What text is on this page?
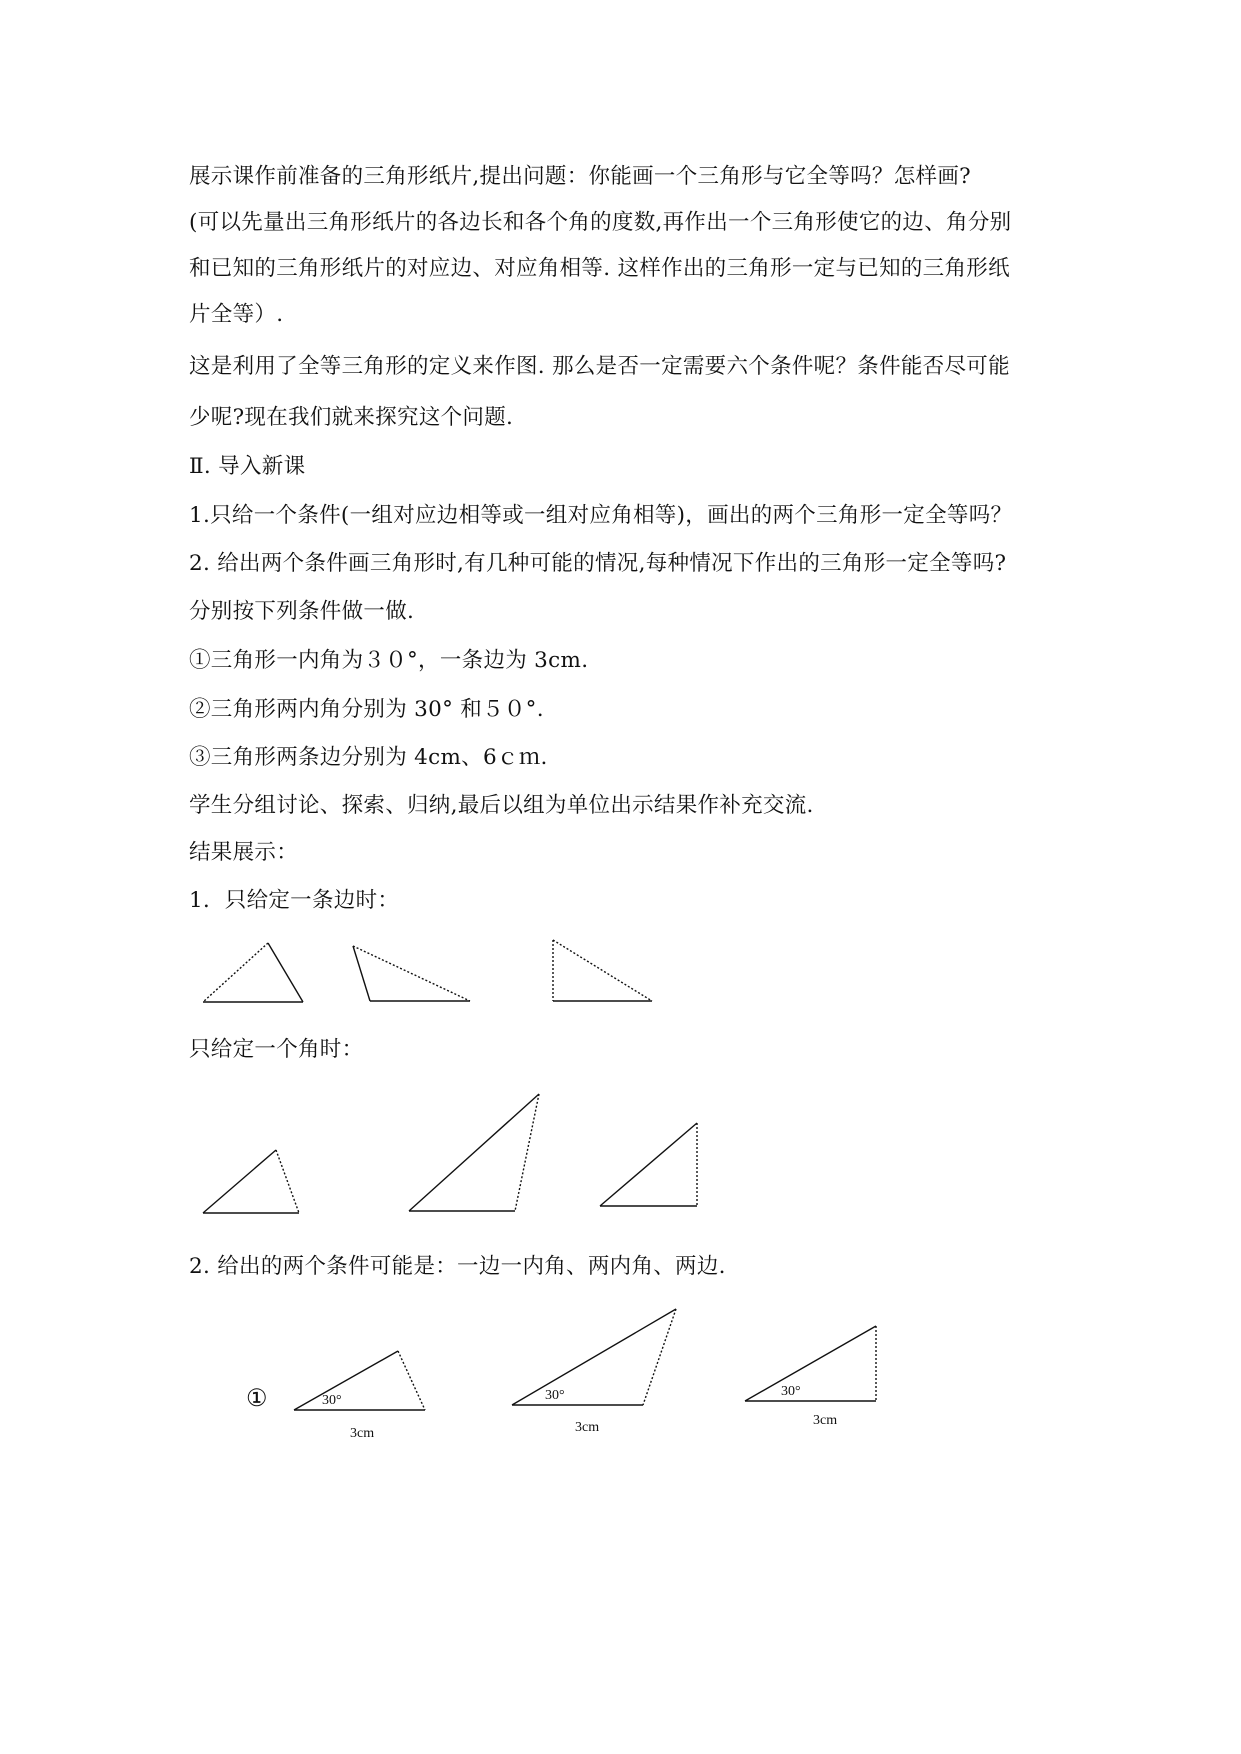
展示课作前准备的三角形纸片,提出问题：你能画一个三角形与它全等吗？怎样画?

(可以先量出三角形纸片的各边长和各个角的度数,再作出一个三角形使它的边、角分别

和已知的三角形纸片的对应边、对应角相等. 这样作出的三角形一定与已知的三角形纸

片全等）.

这是利用了全等三角形的定义来作图. 那么是否一定需要六个条件呢？条件能否尽可能

少呢?现在我们就来探究这个问题.

Ⅱ. 导入新课

1.只给一个条件(一组对应边相等或一组对应角相等)，画出的两个三角形一定全等吗？

2. 给出两个条件画三角形时,有几种可能的情况,每种情况下作出的三角形一定全等吗?

分别按下列条件做一做.

①三角形一内角为３０°，一条边为 3cm.

②三角形两内角分别为 30° 和５０°.

③三角形两条边分别为 4cm、6ｃｍ.

学生分组讨论、探索、归纳,最后以组为单位出示结果作补充交流.

结果展示：

1．只给定一条边时：

只给定一个角时：

2. 给出的两个条件可能是：一边一内角、两内角、两边.

①	30°
3cm
30°
3cm
30°
3cm
